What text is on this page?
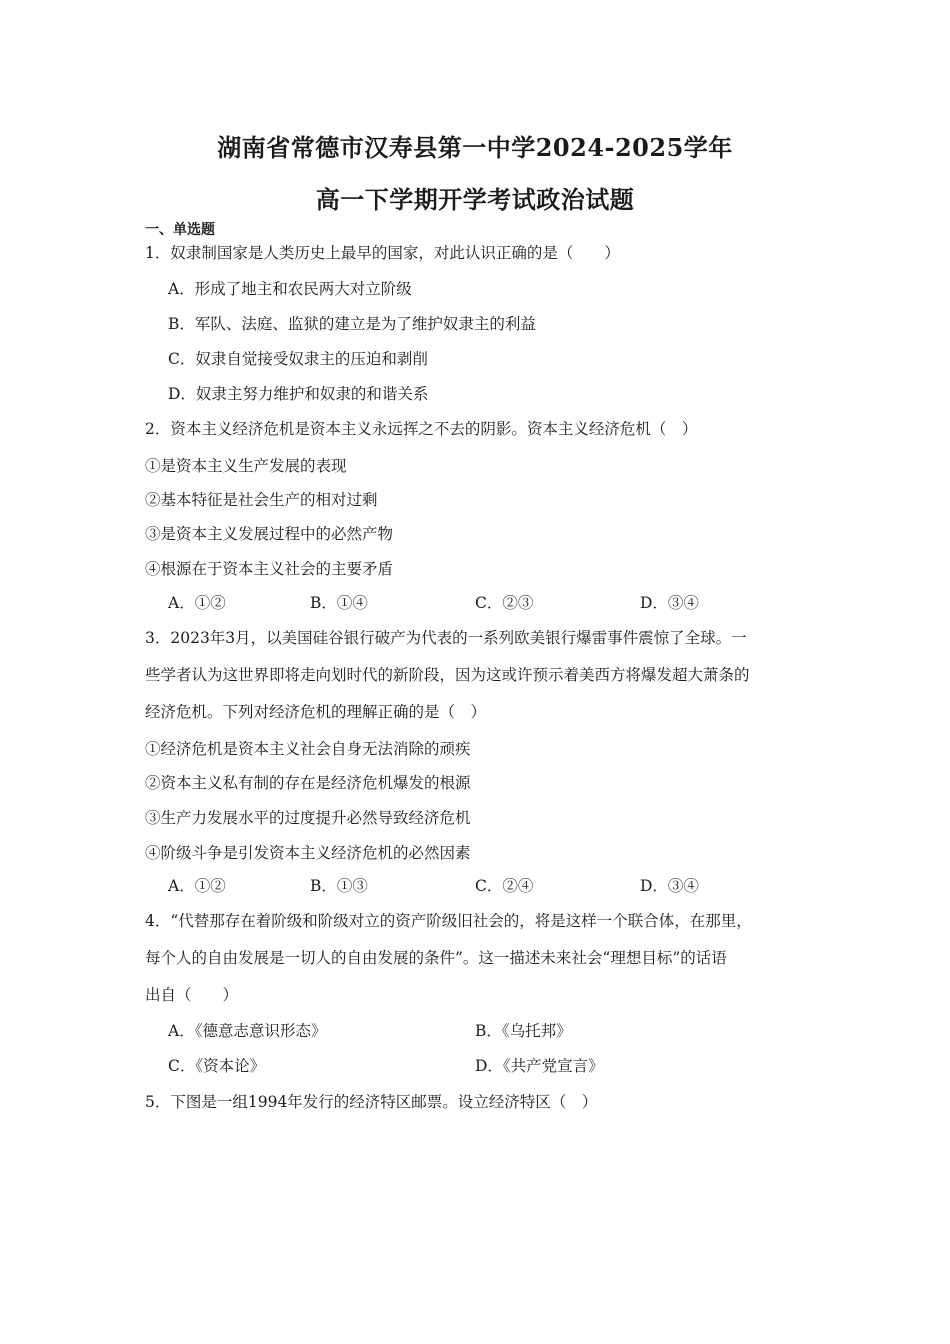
湖南省常德市汉寿县第一中学2024-2025学年
高一下学期开学考试政治试题
一、单选题
1．奴隶制国家是人类历史上最早的国家，对此认识正确的是（　　）
A．形成了地主和农民两大对立阶级
B．军队、法庭、监狱的建立是为了维护奴隶主的利益
C．奴隶自觉接受奴隶主的压迫和剥削
D．奴隶主努力维护和奴隶的和谐关系
2．资本主义经济危机是资本主义永远挥之不去的阴影。资本主义经济危机（　）
①是资本主义生产发展的表现
②基本特征是社会生产的相对过剩
③是资本主义发展过程中的必然产物
④根源在于资本主义社会的主要矛盾
A．①②	B．①④	C．②③	D．③④
3．2023年3月，以美国硅谷银行破产为代表的一系列欧美银行爆雷事件震惊了全球。一
些学者认为这世界即将走向划时代的新阶段，因为这或许预示着美西方将爆发超大萧条的
经济危机。下列对经济危机的理解正确的是（　）
①经济危机是资本主义社会自身无法消除的顽疾
②资本主义私有制的存在是经济危机爆发的根源
③生产力发展水平的过度提升必然导致经济危机
④阶级斗争是引发资本主义经济危机的必然因素
A．①②	B．①③	C．②④	D．③④
4．“代替那存在着阶级和阶级对立的资产阶级旧社会的，将是这样一个联合体，在那里，
每个人的自由发展是一切人的自由发展的条件”。这一描述未来社会“理想目标”的话语
出自（　　）
A．《德意志意识形态》	B．《乌托邦》
C．《资本论》	D．《共产党宣言》
5．下图是一组1994年发行的经济特区邮票。设立经济特区（　）
